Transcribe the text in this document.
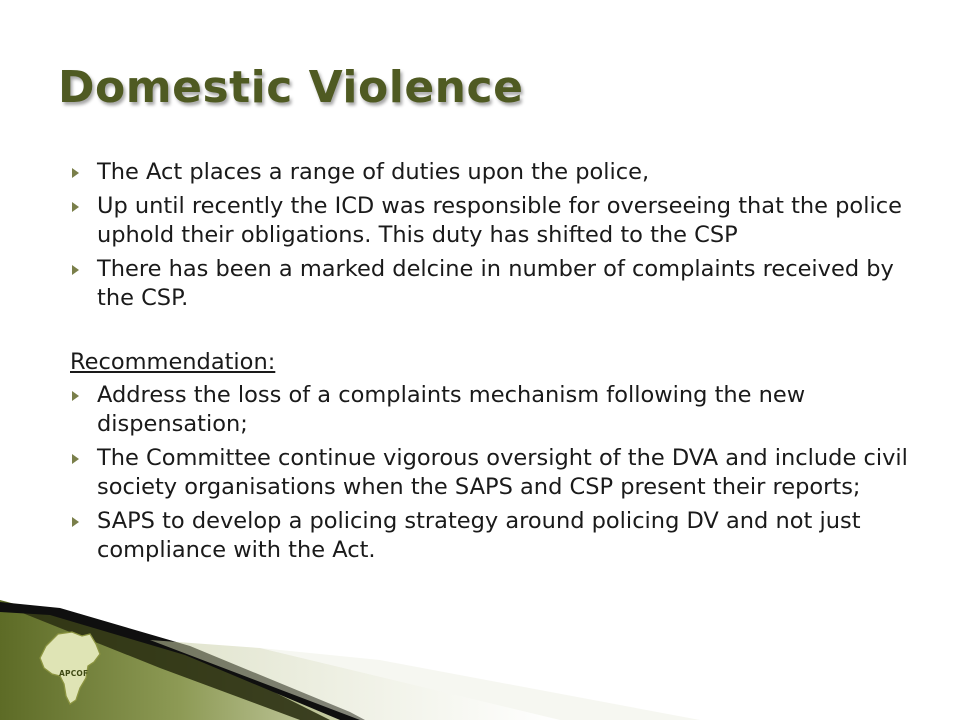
APCOF
Domestic Violence
The Act places a range of duties upon the police,
Up until recently the ICD was responsible for overseeing that the police uphold their obligations. This duty has shifted to the CSP
There has been a marked delcine in number of complaints received by the CSP.

Recommendation:

Address the loss of a complaints mechanism following the new dispensation;
The Committee continue vigorous oversight of the DVA and include civil society organisations when the SAPS and CSP present their reports;
SAPS to develop a policing strategy around policing DV and not just compliance with the Act.
